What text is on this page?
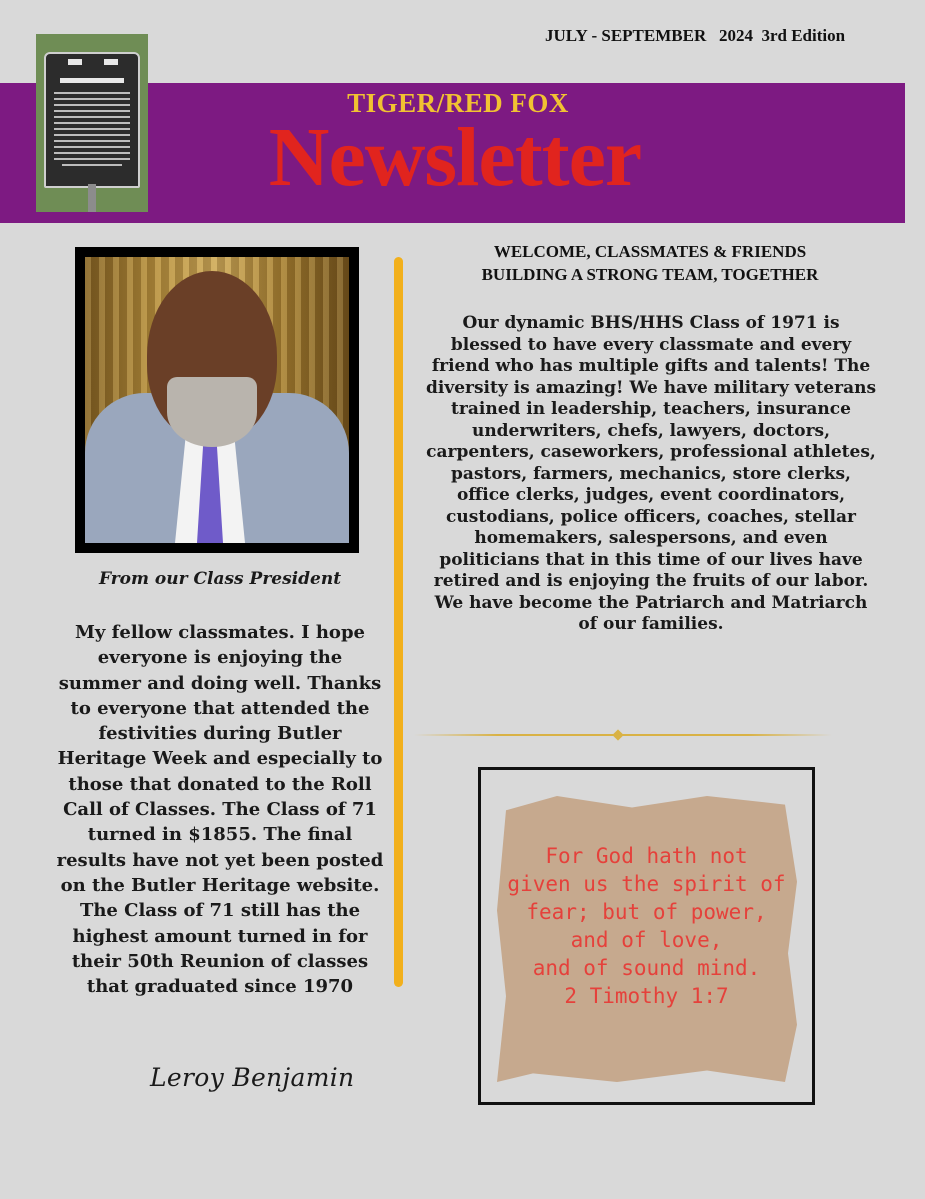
JULY - SEPTEMBER   2024  3rd Edition
TIGER/RED FOX
Newsletter
From our Class President
My fellow classmates. I hope everyone is enjoying the summer and doing well. Thanks to everyone that attended the festivities during Butler Heritage Week and especially to those that donated to the Roll Call of Classes. The Class of 71 turned in $1855. The final results have not yet been posted on the Butler Heritage website. The Class of 71 still has the highest amount turned in for their 50th Reunion of classes that graduated since 1970
Leroy Benjamin
WELCOME, CLASSMATES & FRIENDS
BUILDING A STRONG TEAM, TOGETHER
Our dynamic BHS/HHS Class of 1971 is blessed to have every classmate and every friend who has multiple gifts and talents! The diversity is amazing! We have military veterans trained in leadership, teachers, insurance underwriters, chefs, lawyers, doctors, carpenters, caseworkers, professional athletes, pastors, farmers, mechanics, store clerks, office clerks, judges, event coordinators, custodians, police officers, coaches, stellar homemakers, salespersons, and even politicians that in this time of our lives have retired and is enjoying the fruits of our labor. We have become the Patriarch and Matriarch of our families.
For God hath not
given us the spirit of
fear; but of power,
and of love,
and of sound mind.
2 Timothy 1:7
